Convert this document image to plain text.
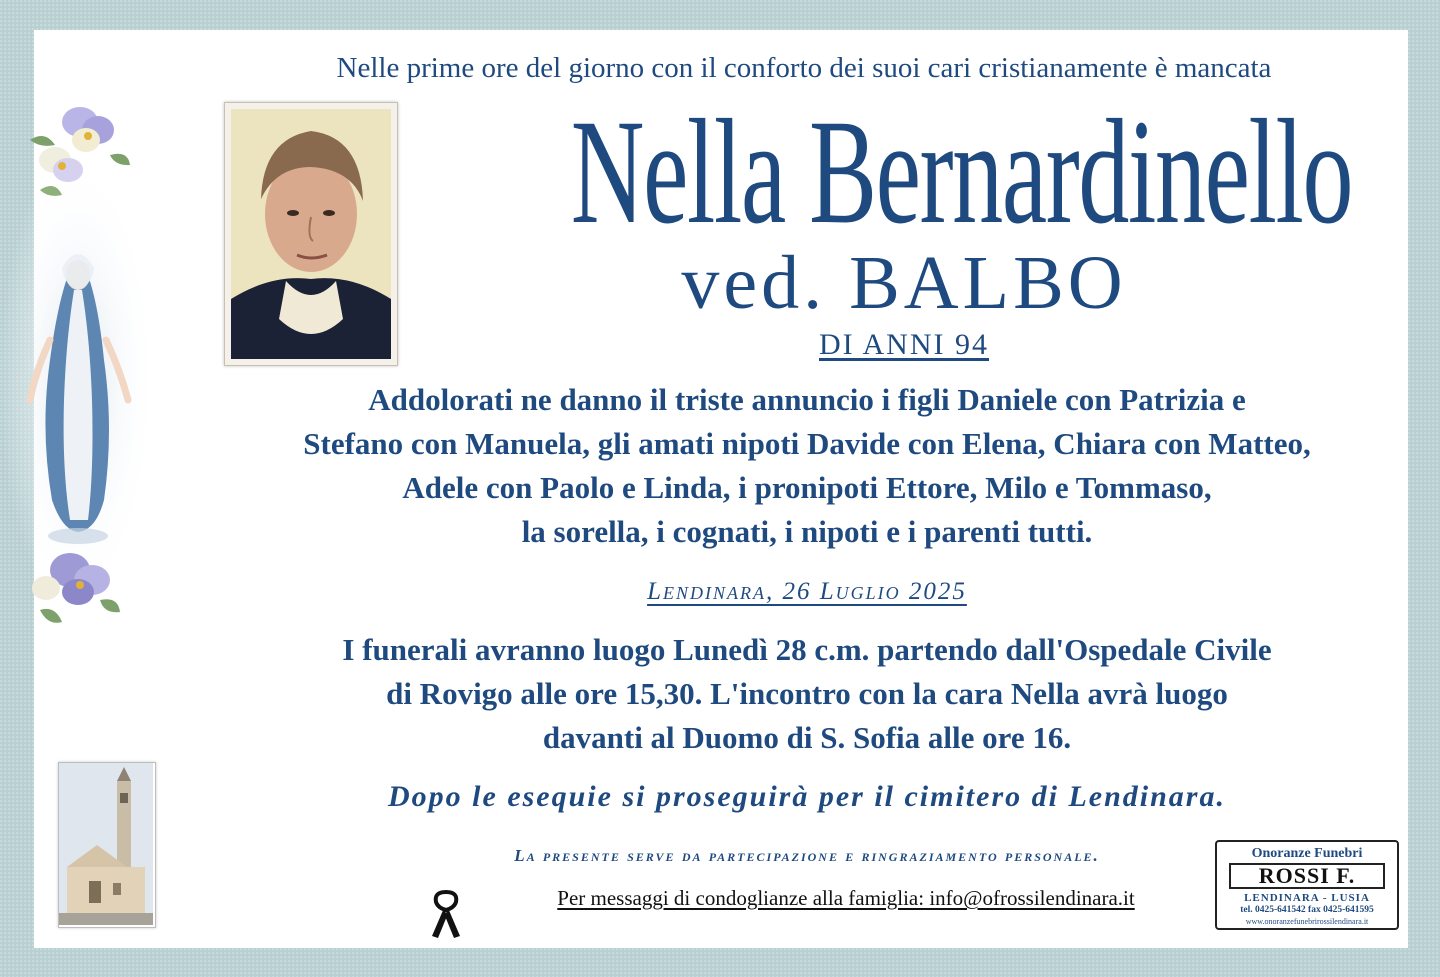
Nelle prime ore del giorno con il conforto dei suoi cari cristianamente è mancata
Nella Bernardinello
ved. BALBO
DI ANNI 94
Addolorati ne danno il triste annuncio i figli Daniele con Patrizia e
Stefano con Manuela, gli amati nipoti Davide con Elena, Chiara con Matteo,
Adele con Paolo e Linda, i pronipoti Ettore, Milo e Tommaso,
la sorella, i cognati, i nipoti e i parenti tutti.
Lendinara, 26 Luglio 2025
I funerali avranno luogo Lunedì 28 c.m. partendo dall'Ospedale Civile
di Rovigo alle ore 15,30. L'incontro con la cara Nella avrà luogo
davanti al Duomo di S. Sofia alle ore 16.
Dopo le esequie si proseguirà per il cimitero di Lendinara.
La presente serve da partecipazione e ringraziamento personale.
Per messaggi di condoglianze alla famiglia: info@ofrossilendinara.it
Onoranze Funebri
ROSSI F.
LENDINARA - LUSIA
tel. 0425-641542 fax 0425-641595
www.onoranzefunebrirossilendinara.it
